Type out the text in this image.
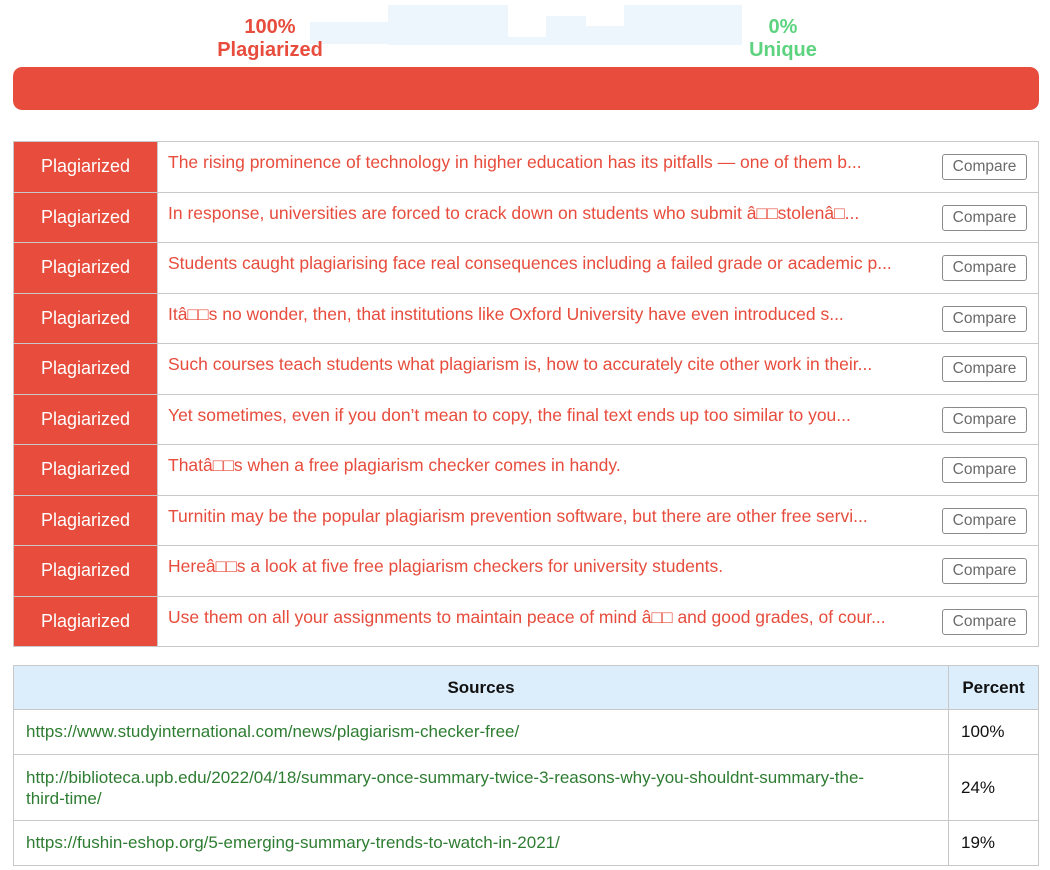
100%
Plagiarized
0%
Unique
Plagiarized	The rising prominence of technology in higher education has its pitfalls — one of them b... Compare

Plagiarized	In response, universities are forced to crack down on students who submit â□□stolenâ□... Compare

Plagiarized	Students caught plagiarising face real consequences including a failed grade or academic p... Compare

Plagiarized	Itâ□□s no wonder, then, that institutions like Oxford University have even introduced s... Compare

Plagiarized	Such courses teach students what plagiarism is, how to accurately cite other work in their... Compare

Plagiarized	Yet sometimes, even if you don’t mean to copy, the final text ends up too similar to you... Compare

Plagiarized	Thatâ□□s when a free plagiarism checker comes in handy. Compare

Plagiarized	Turnitin may be the popular plagiarism prevention software, but there are other free servi... Compare

Plagiarized	Hereâ□□s a look at five free plagiarism checkers for university students. Compare

Plagiarized	Use them on all your assignments to maintain peace of mind â□□ and good grades, of cour... Compare
Sources	Percent
https://www.studyinternational.com/news/plagiarism-checker-free/	100%

http://biblioteca.upb.edu/2022/04/18/summary-once-summary-twice-3-reasons-why-you-shouldnt-summary-the-
third-time/	24%
https://fushin-eshop.org/5-emerging-summary-trends-to-watch-in-2021/	19%
